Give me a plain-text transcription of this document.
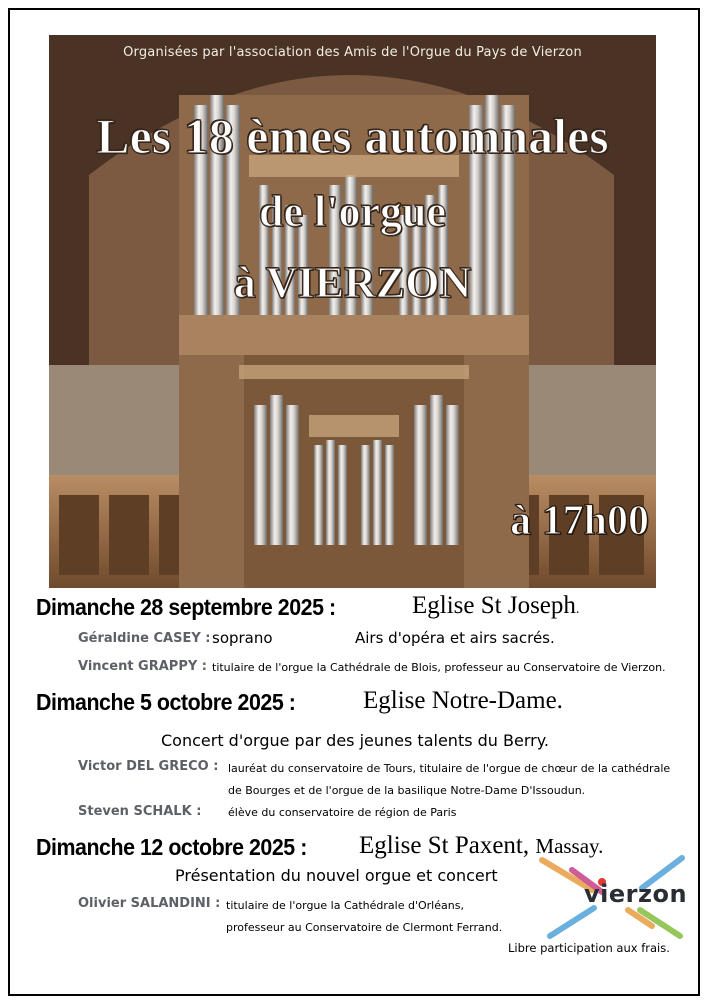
Organisées par l'association des Amis de l'Orgue du Pays de Vierzon
Les 18 èmes automnales
de l'orgue
à VIERZON
à 17h00
Dimanche 28 septembre 2025 :	Eglise St Joseph.
Géraldine CASEY : soprano	Airs d'opéra et airs sacrés.
Vincent GRAPPY : titulaire de l'orgue la Cathédrale de Blois, professeur au Conservatoire de Vierzon.
Dimanche 5 octobre 2025 :	Eglise Notre-Dame.
Concert d'orgue par des jeunes talents du Berry.
Victor DEL GRECO : lauréat du conservatoire de Tours, titulaire de l'orgue de chœur de la cathédrale
de Bourges et de l'orgue de la basilique Notre-Dame D'Issoudun.
Steven SCHALK : élève du conservatoire de région de Paris
Dimanche 12 octobre 2025 : Eglise St Paxent, Massay.
Présentation du nouvel orgue et concert
Olivier SALANDINI : titulaire de l'orgue la Cathédrale d'Orléans,
professeur au Conservatoire de Clermont Ferrand.
vierzon
Libre participation aux frais.
